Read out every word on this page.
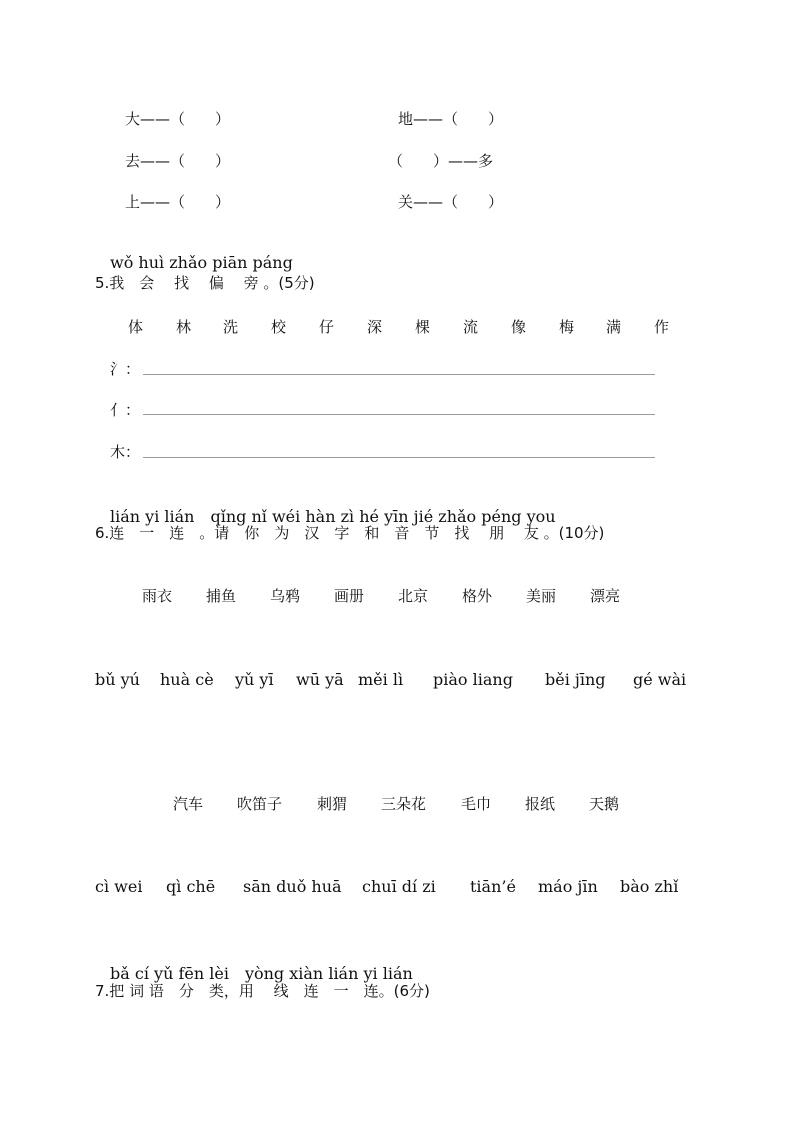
大——（　　）
去——（　　）
上——（　　）
地——（　　）
（　　）——多
关——（　　）
wǒ huì zhǎo piān páng
5.我　会　 找　 偏　 旁 。(5分)
体 林 洗 校 仔 深 棵 流 像 梅 满 作
氵：
亻：
木：
lián yi lián　qǐng nǐ wéi hàn zì hé yīn jié zhǎo péng you
6.连　一　连　。请　你　为　汉　字　和　音　节　找　 朋　 友 。(10分)
雨衣 捕鱼 乌鸦 画册 北京 格外 美丽 漂亮
bǔ yú huà cè yǔ yī wū yā měi lì piào liang běi jīng gé wài
汽车 吹笛子 刺猬 三朵花 毛巾 报纸 天鹅
cì wei qì chē sān duǒ huā chuī dí zi tiān’é máo jīn bào zhǐ
bǎ cí yǔ fēn lèi　yòng xiàn lián yi lián
7.把 词 语　分　类，用　 线　连　一　连。(6分)
